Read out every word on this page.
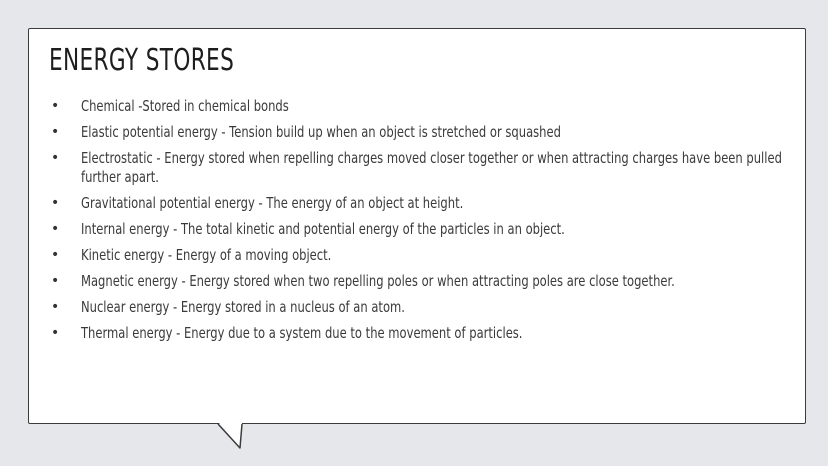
ENERGY STORES
• Chemical -Stored in chemical bonds
• Elastic potential energy - Tension build up when an object is stretched or squashed
• Electrostatic - Energy stored when repelling charges moved closer together or when attracting charges have been pulled further apart.
• Gravitational potential energy - The energy of an object at height.
• Internal energy - The total kinetic and potential energy of the particles in an object.
• Kinetic energy - Energy of a moving object.
• Magnetic energy - Energy stored when two repelling poles or when attracting poles are close together.
• Nuclear energy - Energy stored in a nucleus of an atom.
• Thermal energy - Energy due to a system due to the movement of particles.
